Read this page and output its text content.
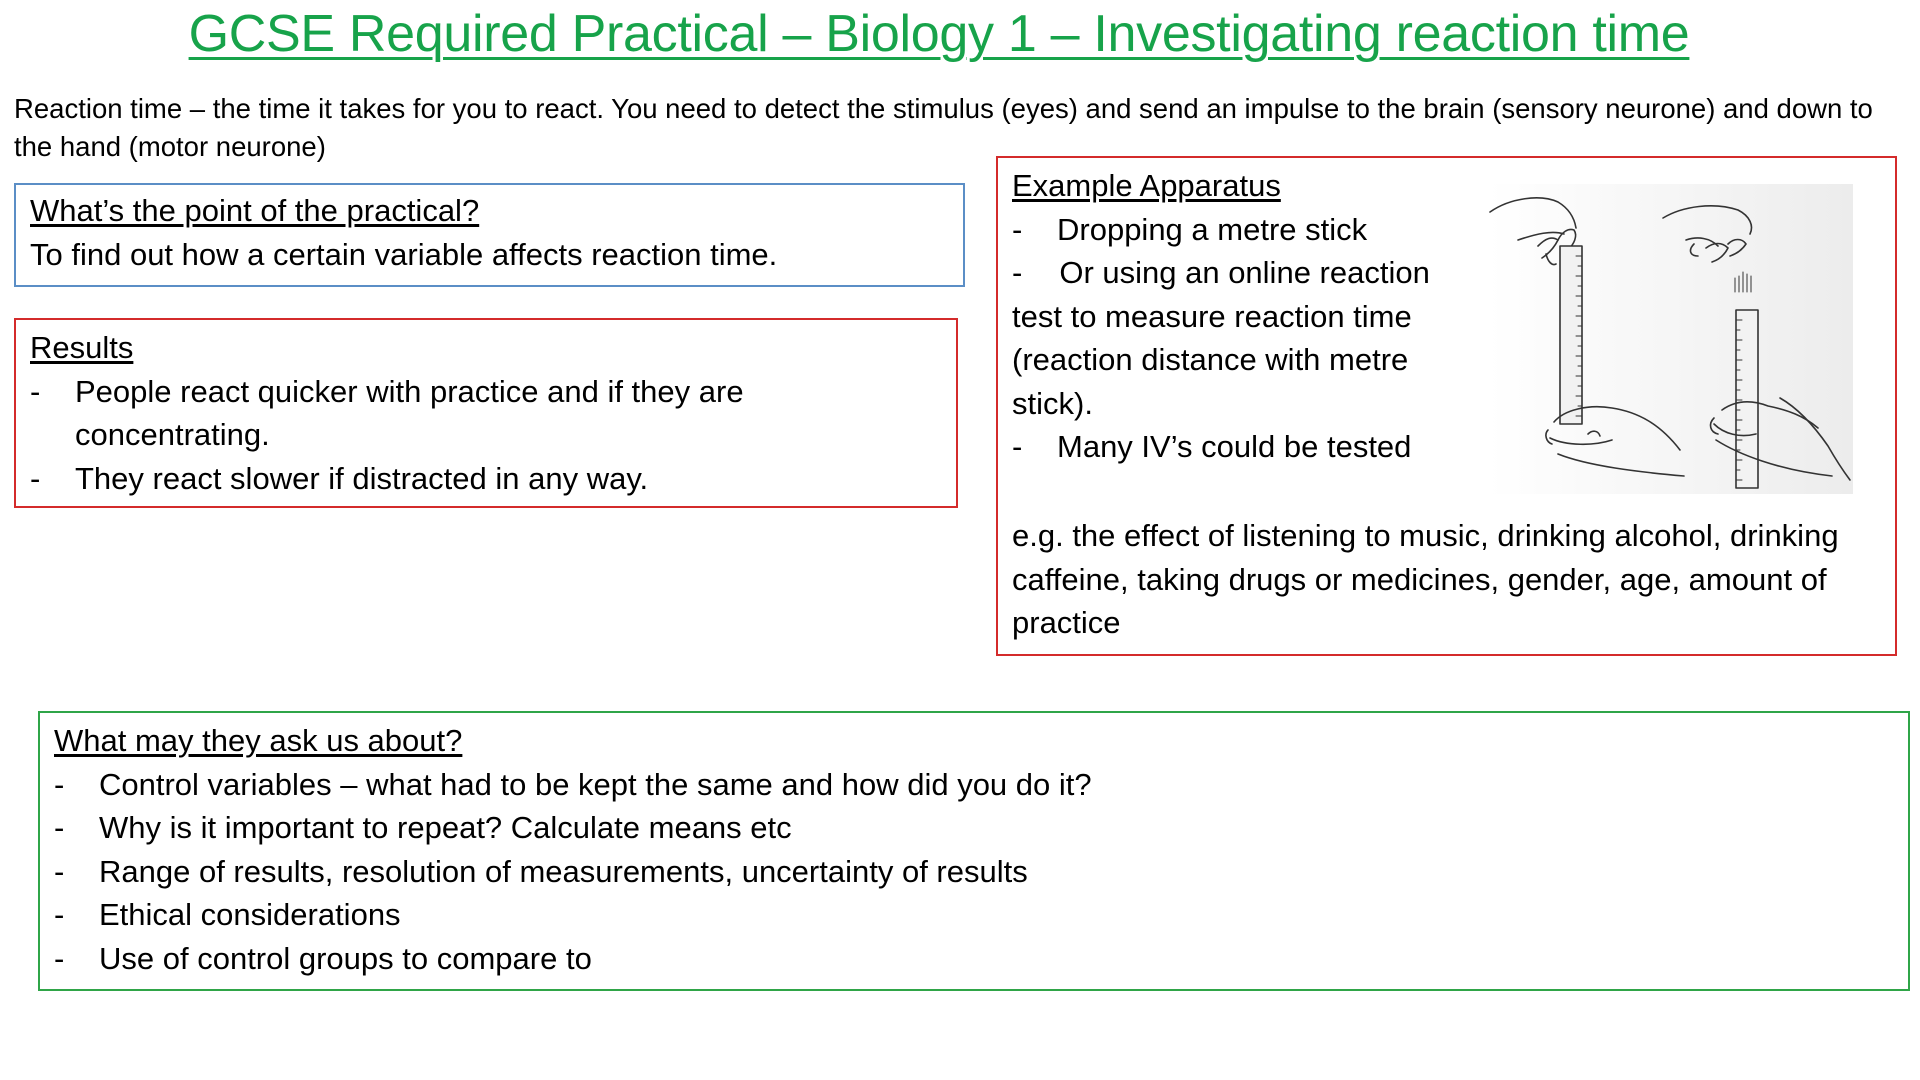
GCSE Required Practical – Biology 1 – Investigating reaction time
Reaction time – the time it takes for you to react. You need to detect the stimulus (eyes) and send an impulse to the brain (sensory neurone) and down to the hand (motor neurone)
What’s the point of the practical?
To find out how a certain variable affects reaction time.
Results
- People react quicker with practice and if they are concentrating.
- They react slower if distracted in any way.
Example Apparatus
- Dropping a metre stick
- Or using an online reaction test to measure reaction time (reaction distance with metre stick).
- Many IV’s could be tested
e.g. the effect of listening to music, drinking alcohol, drinking caffeine, taking drugs or medicines, gender, age, amount of practice
What may they ask us about?
- Control variables – what had to be kept the same and how did you do it?
- Why is it important to repeat? Calculate means etc
- Range of results, resolution of measurements, uncertainty of results
- Ethical considerations
- Use of control groups to compare to
